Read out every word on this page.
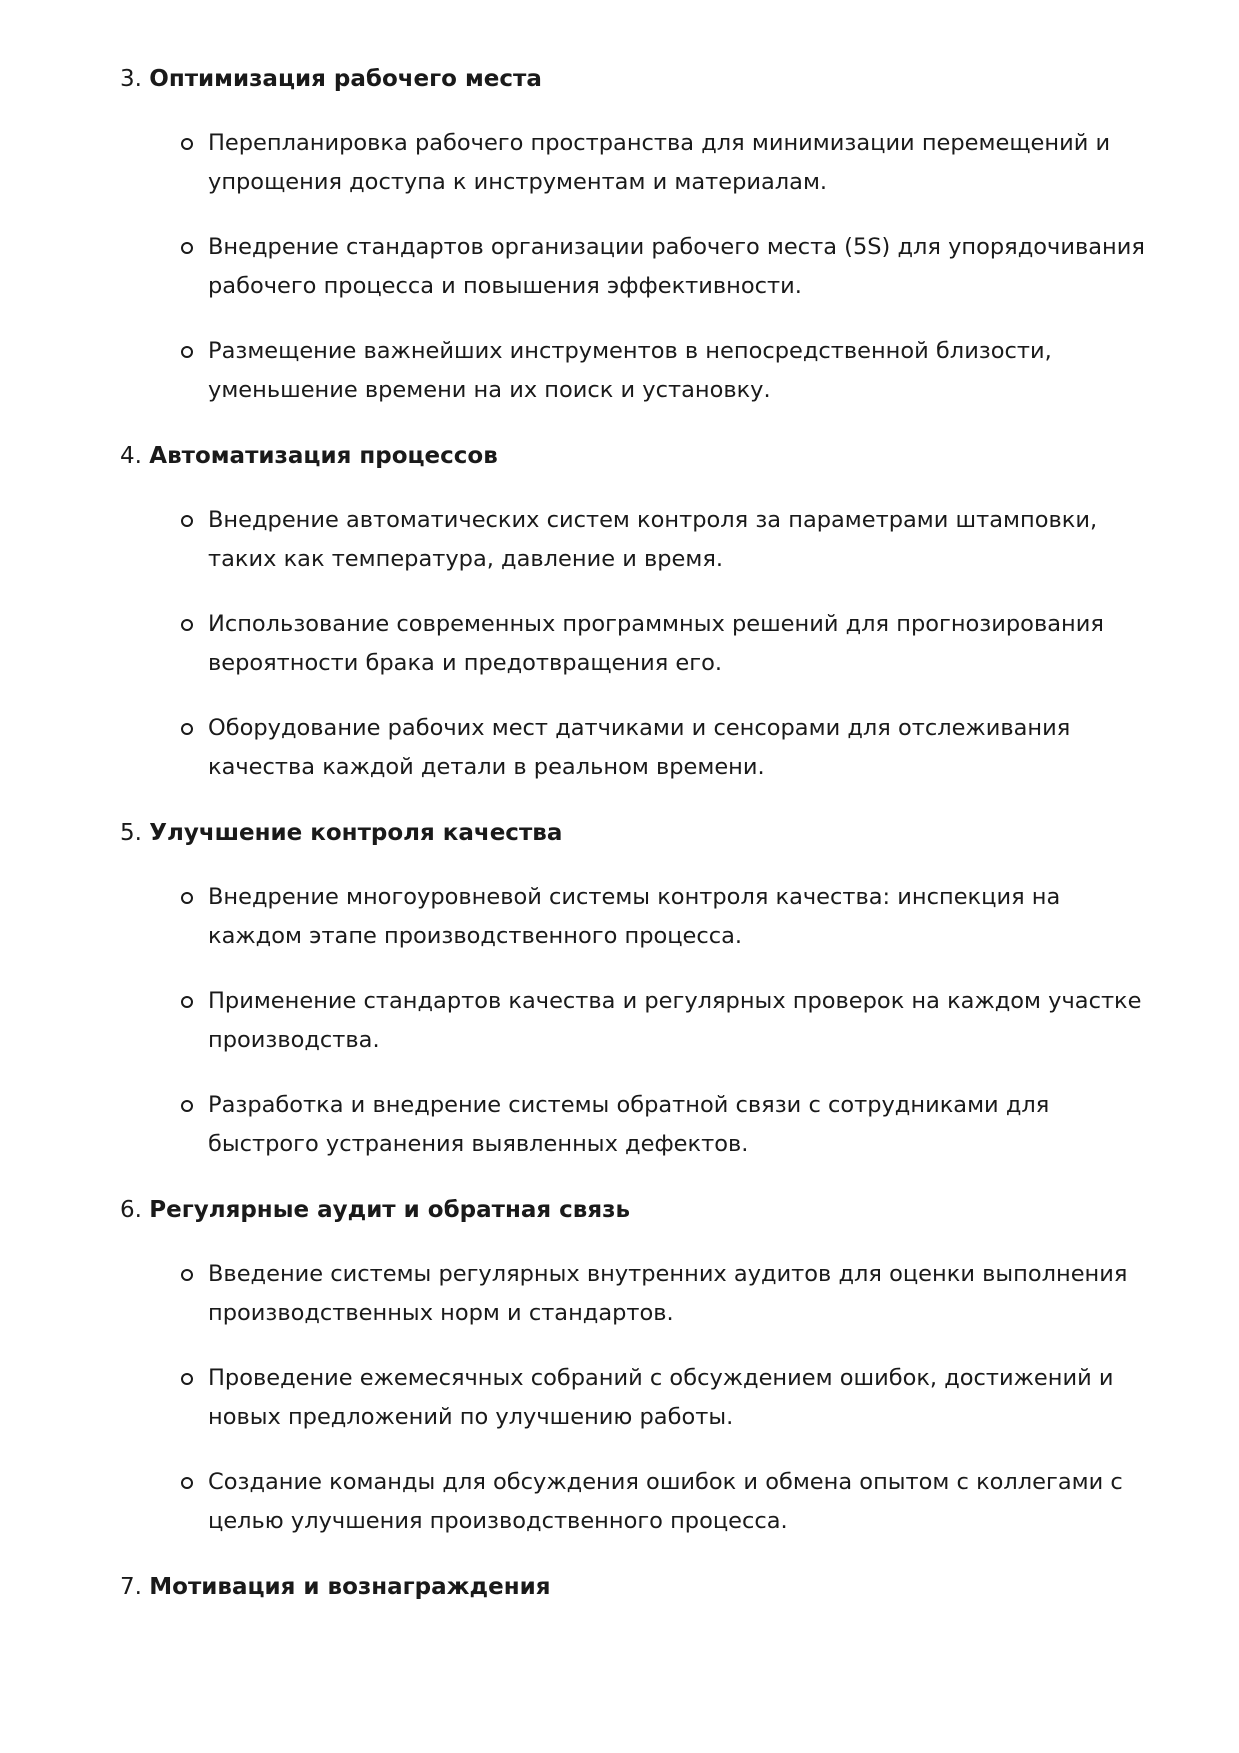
3. Оптимизация рабочего места

Перепланировка рабочего пространства для минимизации перемещений и упрощения доступа к инструментам и материалам.
Внедрение стандартов организации рабочего места (5S) для упорядочивания рабочего процесса и повышения эффективности.
Размещение важнейших инструментов в непосредственной близости, уменьшение времени на их поиск и установку.

4. Автоматизация процессов

Внедрение автоматических систем контроля за параметрами штамповки, таких как температура, давление и время.
Использование современных программных решений для прогнозирования вероятности брака и предотвращения его.
Оборудование рабочих мест датчиками и сенсорами для отслеживания качества каждой детали в реальном времени.

5. Улучшение контроля качества

Внедрение многоуровневой системы контроля качества: инспекция на каждом этапе производственного процесса.
Применение стандартов качества и регулярных проверок на каждом участке производства.
Разработка и внедрение системы обратной связи с сотрудниками для быстрого устранения выявленных дефектов.

6. Регулярные аудит и обратная связь

Введение системы регулярных внутренних аудитов для оценки выполнения производственных норм и стандартов.
Проведение ежемесячных собраний с обсуждением ошибок, достижений и новых предложений по улучшению работы.
Создание команды для обсуждения ошибок и обмена опытом с коллегами с целью улучшения производственного процесса.

7. Мотивация и вознаграждения
